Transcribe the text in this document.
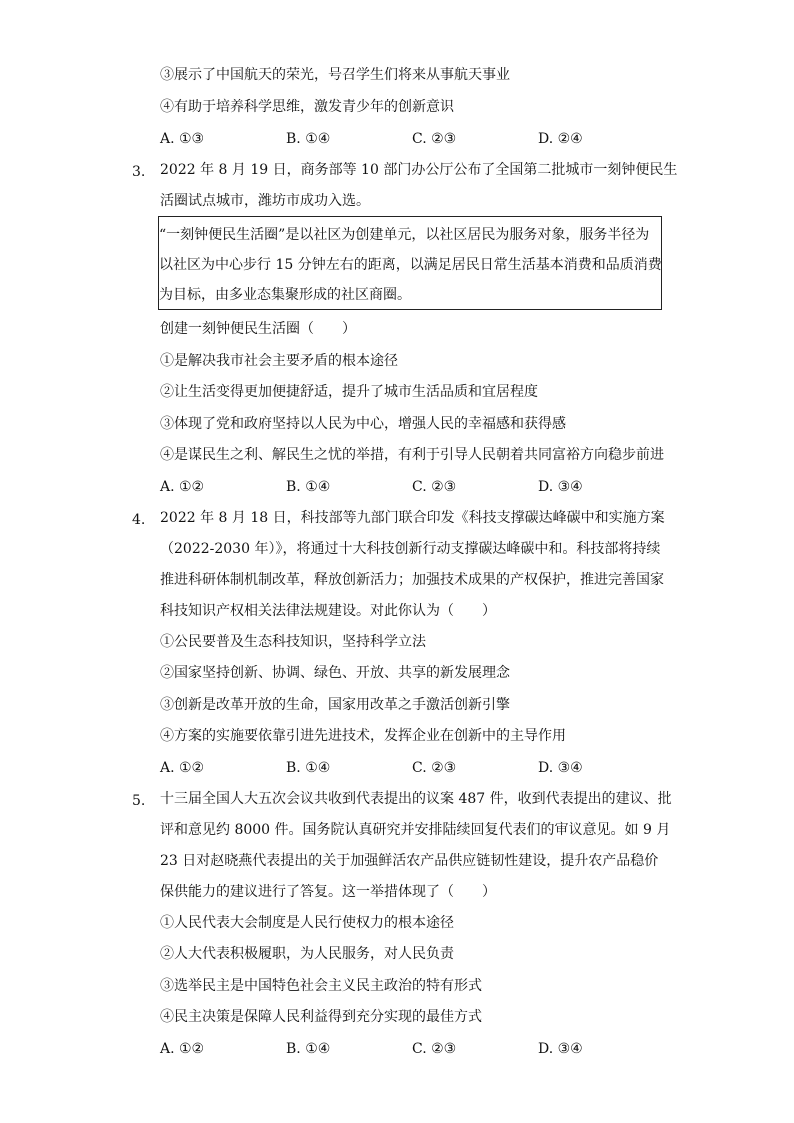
③展示了中国航天的荣光，号召学生们将来从事航天事业
④有助于培养科学思维，激发青少年的创新意识
A. ①③	B. ①④	C. ②③	D. ②④
3. 2022 年 8 月 19 日，商务部等 10 部门办公厅公布了全国第二批城市一刻钟便民生
活圈试点城市，潍坊市成功入选。
“一刻钟便民生活圈”是以社区为创建单元，以社区居民为服务对象，服务半径为
以社区为中心步行 15 分钟左右的距离，以满足居民日常生活基本消费和品质消费
为目标，由多业态集聚形成的社区商圈。
创建一刻钟便民生活圈（　　）
①是解决我市社会主要矛盾的根本途径
②让生活变得更加便捷舒适，提升了城市生活品质和宜居程度
③体现了党和政府坚持以人民为中心，增强人民的幸福感和获得感
④是谋民生之利、解民生之忧的举措，有利于引导人民朝着共同富裕方向稳步前进
A. ①②	B. ①④	C. ②③	D. ③④
4. 2022 年 8 月 18 日，科技部等九部门联合印发《科技支撑碳达峰碳中和实施方案
（2022-2030 年）》，将通过十大科技创新行动支撑碳达峰碳中和。科技部将持续
推进科研体制机制改革，释放创新活力；加强技术成果的产权保护，推进完善国家
科技知识产权相关法律法规建设。对此你认为（　　）
①公民要普及生态科技知识，坚持科学立法
②国家坚持创新、协调、绿色、开放、共享的新发展理念
③创新是改革开放的生命，国家用改革之手激活创新引擎
④方案的实施要依靠引进先进技术，发挥企业在创新中的主导作用
A. ①②	B. ①④	C. ②③	D. ③④
5. 十三届全国人大五次会议共收到代表提出的议案 487 件，收到代表提出的建议、批
评和意见约 8000 件。国务院认真研究并安排陆续回复代表们的审议意见。如 9 月
23 日对赵晓燕代表提出的关于加强鲜活农产品供应链韧性建设，提升农产品稳价
保供能力的建议进行了答复。这一举措体现了（　　）
①人民代表大会制度是人民行使权力的根本途径
②人大代表积极履职，为人民服务，对人民负责
③选举民主是中国特色社会主义民主政治的特有形式
④民主决策是保障人民利益得到充分实现的最佳方式
A. ①②	B. ①④	C. ②③	D. ③④
